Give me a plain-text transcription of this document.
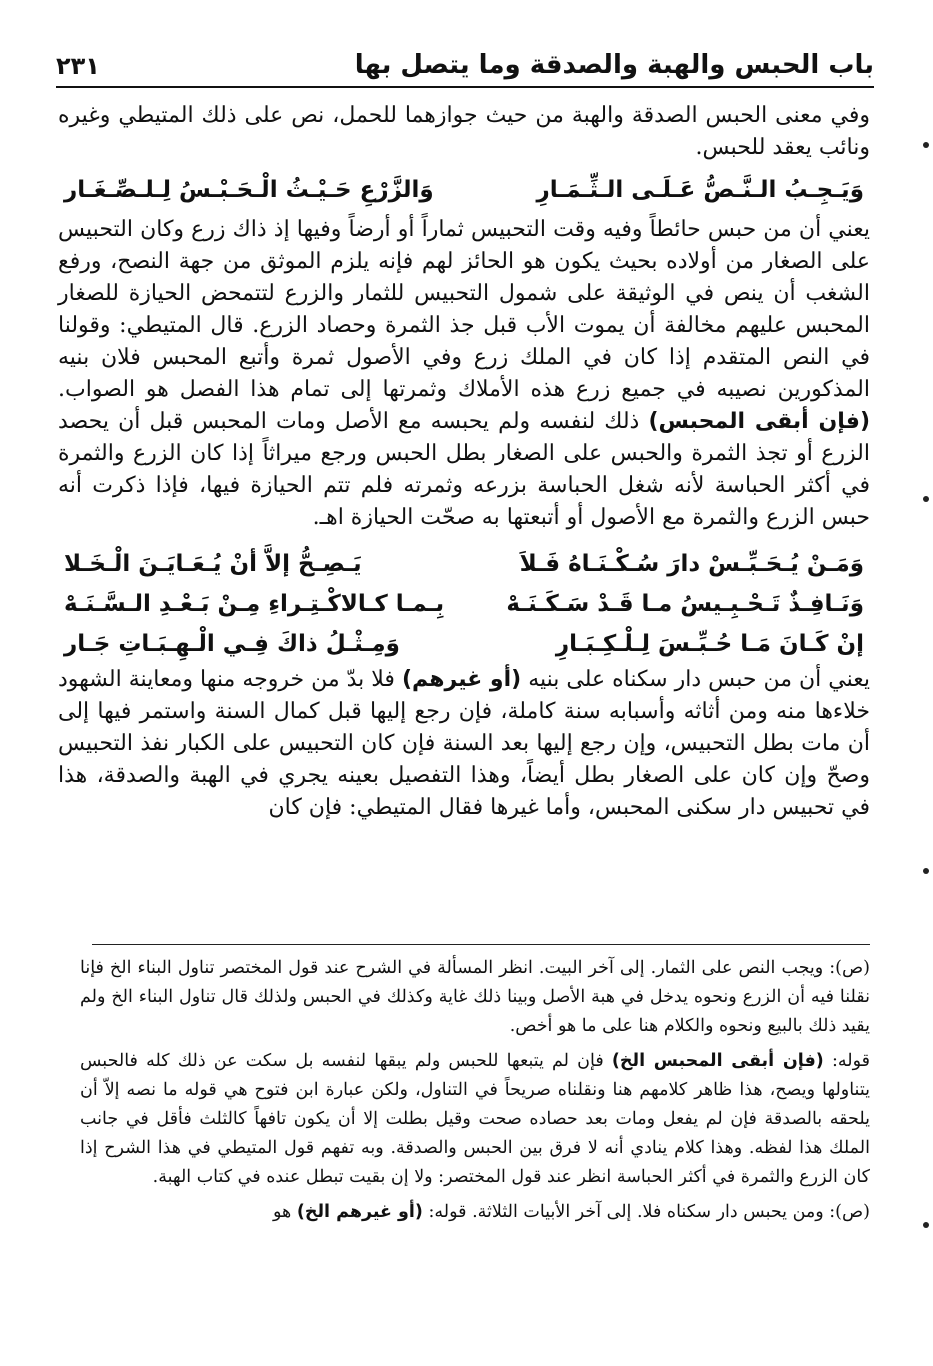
باب الحبس والهبة والصدقة وما يتصل بها
٢٣١

وفي معنى الحبس الصدقة والهبة من حيث جوازهما للحمل، نص على ذلك المتيطي وغيره ونائب يعقد للحبس.

وَيَـجِـبُ الـنَّـصُّ عَـلَـى الـثِّـمَـارِ
وَالزَّرْعِ حَـيْـثُ الْـحَـبْـسُ لِـلـصِّـغَـار

يعني أن من حبس حائطاً وفيه وقت التحبيس ثماراً أو أرضاً وفيها إذ ذاك زرع وكان التحبيس على الصغار من أولاده بحيث يكون هو الحائز لهم فإنه يلزم الموثق من جهة النصح، ورفع الشغب أن ينص في الوثيقة على شمول التحبيس للثمار والزرع لتتمحض الحيازة للصغار المحبس عليهم مخالفة أن يموت الأب قبل جذ الثمرة وحصاد الزرع. قال المتيطي: وقولنا في النص المتقدم إذا كان في الملك زرع وفي الأصول ثمرة وأتبع المحبس فلان بنيه المذكورين نصيبه في جميع زرع هذه الأملاك وثمرتها إلى تمام هذا الفصل هو الصواب. (فإن أبقى المحبس) ذلك لنفسه ولم يحبسه مع الأصل ومات المحبس قبل أن يحصد الزرع أو تجذ الثمرة والحبس على الصغار بطل الحبس ورجع ميراثاً إذا كان الزرع والثمرة في أكثر الحباسة لأنه شغل الحباسة بزرعه وثمرته فلم تتم الحيازة فيها، فإذا ذكرت أنه حبس الزرع والثمرة مع الأصول أو أتبعتها به صحّت الحيازة اهـ.

وَمَـنْ يُـحَـبِّـسْ دارَ سُـكْـنَـاهُ فَـلاَ
يَـصِـحُّ إلاَّ أنْ يُـعَـايَـنَ الْـخَـلا
وَنَـافِـذٌ تَـحْـبِـيسُ مـا قَـدْ سَـكَـنَـهْ
بِـمـا كـالاكْـتِـراءِ مِـنْ بَـعْـدِ الـسَّـنَـهْ
إنْ كَـانَ مَـا حُـبِّـسَ لِـلْـكِـبَـارِ
وَمِـثْـلُ ذاكَ فِـي الْـهِـبَـاتِ جَـار

يعني أن من حبس دار سكناه على بنيه (أو غيرهم) فلا بدّ من خروجه منها ومعاينة الشهود خلاءها منه ومن أثاثه وأسبابه سنة كاملة، فإن رجع إليها قبل كمال السنة واستمر فيها إلى أن مات بطل التحبيس، وإن رجع إليها بعد السنة فإن كان التحبيس على الكبار نفذ التحبيس وصحّ وإن كان على الصغار بطل أيضاً، وهذا التفصيل بعينه يجري في الهبة والصدقة، هذا في تحبيس دار سكنى المحبس، وأما غيرها فقال المتيطي: فإن كان

(ص): ويجب النص على الثمار. إلى آخر البيت. انظر المسألة في الشرح عند قول المختصر تناول البناء الخ فإنا نقلنا فيه أن الزرع ونحوه يدخل في هبة الأصل وبينا ذلك غاية وكذلك في الحبس ولذلك قال تناول البناء الخ ولم يقيد ذلك بالبيع ونحوه والكلام هنا على ما هو أخص.

قوله: (فإن أبقى المحبس الخ) فإن لم يتبعها للحبس ولم يبقها لنفسه بل سكت عن ذلك كله فالحبس يتناولها ويصح، هذا ظاهر كلامهم هنا ونقلناه صريحاً في التناول، ولكن عبارة ابن فتوح هي قوله ما نصه إلاّ أن يلحقه بالصدقة فإن لم يفعل ومات بعد حصاده صحت وقيل بطلت إلا أن يكون تافهاً كالثلث فأقل في جانب الملك هذا لفظه. وهذا كلام ينادي أنه لا فرق بين الحبس والصدقة. وبه تفهم قول المتيطي في هذا الشرح إذا كان الزرع والثمرة في أكثر الحباسة انظر عند قول المختصر: ولا إن بقيت تبطل عنده في كتاب الهبة.

(ص): ومن يحبس دار سكناه فلا. إلى آخر الأبيات الثلاثة. قوله: (أو غيرهم الخ) هو
